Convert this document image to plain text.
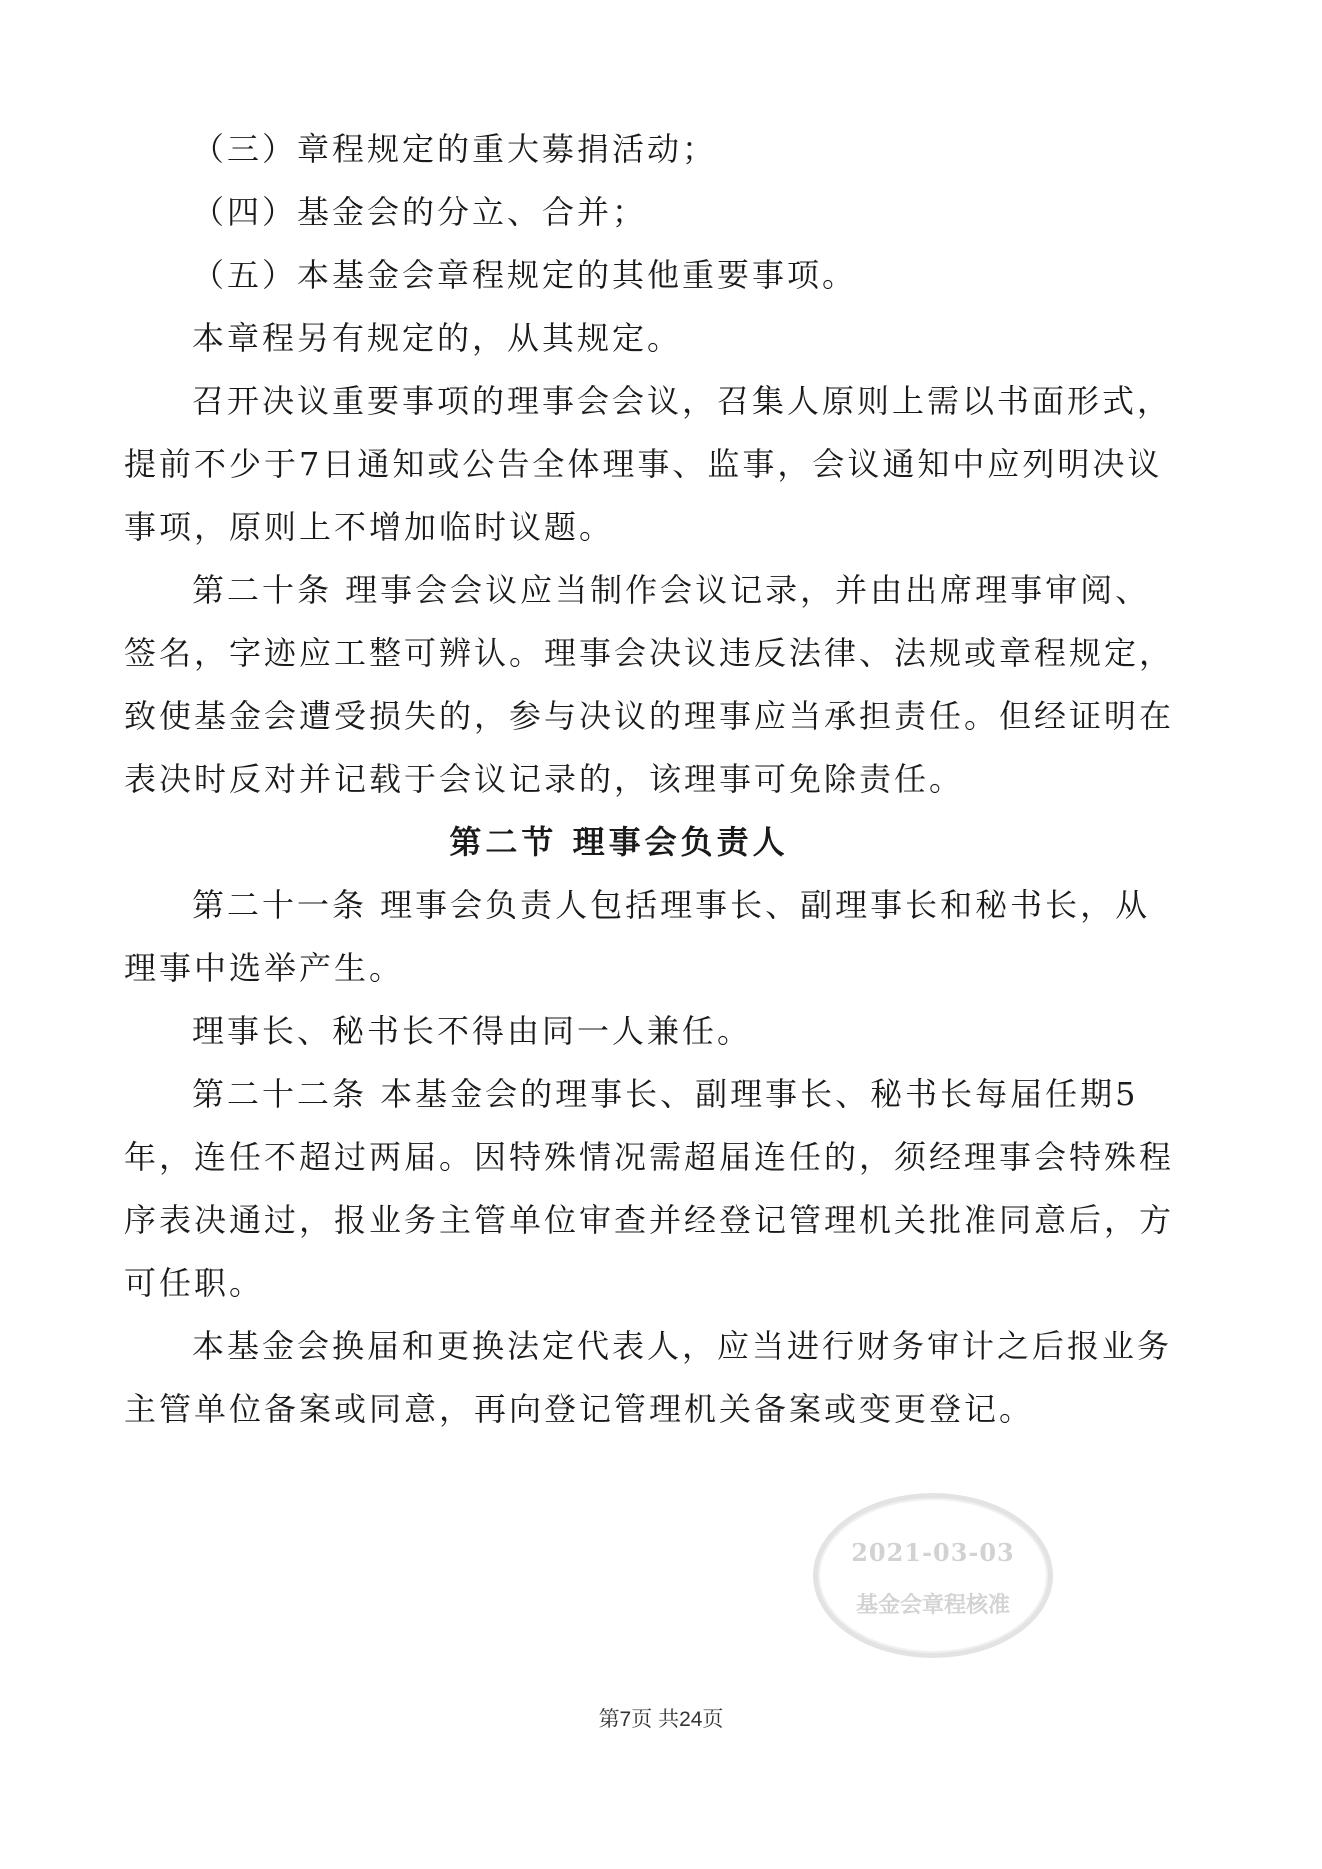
（三）章程规定的重大募捐活动；
（四）基金会的分立、合并；
（五）本基金会章程规定的其他重要事项。
本章程另有规定的，从其规定。
召开决议重要事项的理事会会议，召集人原则上需以书面形式，
提前不少于7日通知或公告全体理事、监事，会议通知中应列明决议
事项，原则上不增加临时议题。
第二十条 理事会会议应当制作会议记录，并由出席理事审阅、
签名，字迹应工整可辨认。理事会决议违反法律、法规或章程规定，
致使基金会遭受损失的，参与决议的理事应当承担责任。但经证明在
表决时反对并记载于会议记录的，该理事可免除责任。
第二节 理事会负责人
第二十一条 理事会负责人包括理事长、副理事长和秘书长，从
理事中选举产生。
理事长、秘书长不得由同一人兼任。
第二十二条 本基金会的理事长、副理事长、秘书长每届任期5
年，连任不超过两届。因特殊情况需超届连任的，须经理事会特殊程
序表决通过，报业务主管单位审查并经登记管理机关批准同意后，方
可任职。
本基金会换届和更换法定代表人，应当进行财务审计之后报业务
主管单位备案或同意，再向登记管理机关备案或变更登记。
2021-03-03
基金会章程核准
第7页 共24页
